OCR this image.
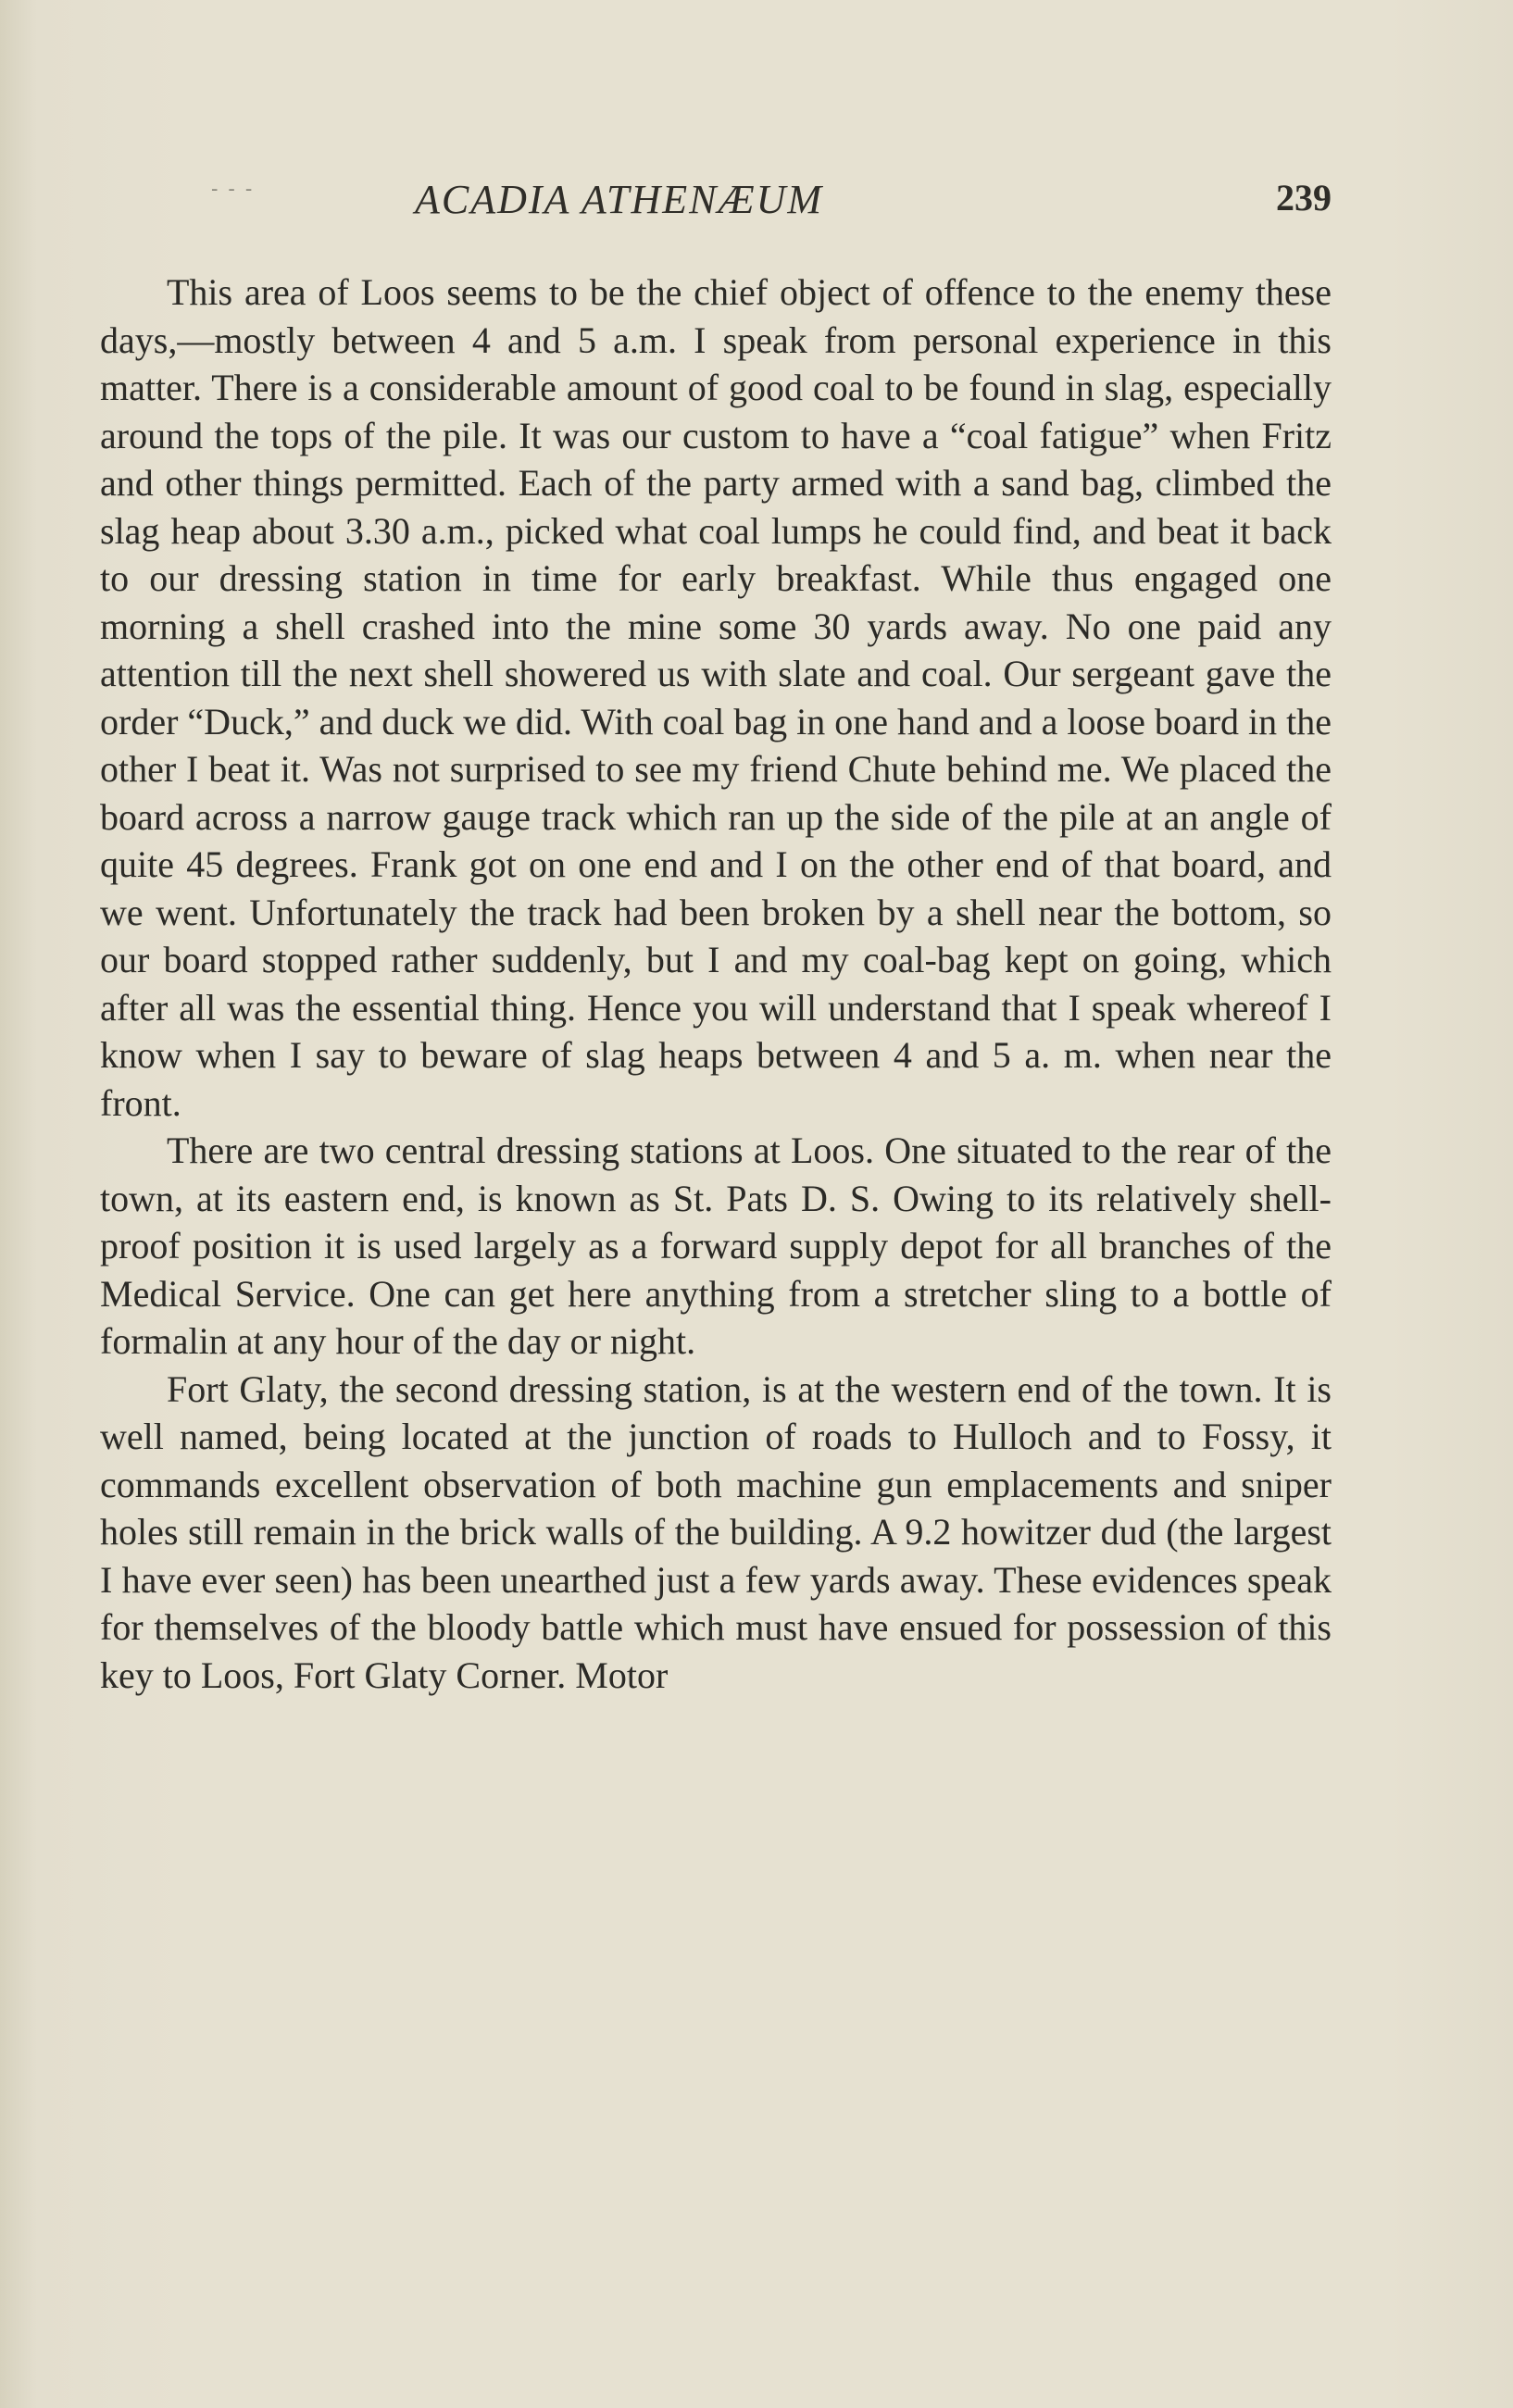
- - -	ACADIA ATHENÆUM	239

This area of Loos seems to be the chief object of offence to the enemy these days,—mostly between 4 and 5 a.m. I speak from personal experience in this matter. There is a considerable amount of good coal to be found in slag, especially around the tops of the pile. It was our custom to have a “coal fatigue” when Fritz and other things permitted. Each of the party armed with a sand bag, climbed the slag heap about 3.30 a.m., picked what coal lumps he could find, and beat it back to our dressing station in time for early breakfast. While thus engaged one morning a shell crashed into the mine some 30 yards away. No one paid any attention till the next shell showered us with slate and coal. Our sergeant gave the order “Duck,” and duck we did. With coal bag in one hand and a loose board in the other I beat it. Was not surprised to see my friend Chute behind me. We placed the board across a narrow gauge track which ran up the side of the pile at an angle of quite 45 degrees. Frank got on one end and I on the other end of that board, and we went. Unfortunately the track had been broken by a shell near the bottom, so our board stopped rather suddenly, but I and my coal-bag kept on going, which after all was the essential thing. Hence you will understand that I speak whereof I know when I say to beware of slag heaps between 4 and 5 a. m. when near the front.

There are two central dressing stations at Loos. One situated to the rear of the town, at its eastern end, is known as St. Pats D. S. Owing to its relatively shell-proof position it is used largely as a forward supply depot for all branches of the Medical Service. One can get here anything from a stretcher sling to a bottle of formalin at any hour of the day or night.

Fort Glaty, the second dressing station, is at the western end of the town. It is well named, being located at the junction of roads to Hulloch and to Fossy, it commands excellent observation of both machine gun emplacements and sniper holes still remain in the brick walls of the building. A 9.2 howitzer dud (the largest I have ever seen) has been unearthed just a few yards away. These evidences speak for themselves of the bloody battle which must have ensued for possession of this key to Loos, Fort Glaty Corner. Motor
